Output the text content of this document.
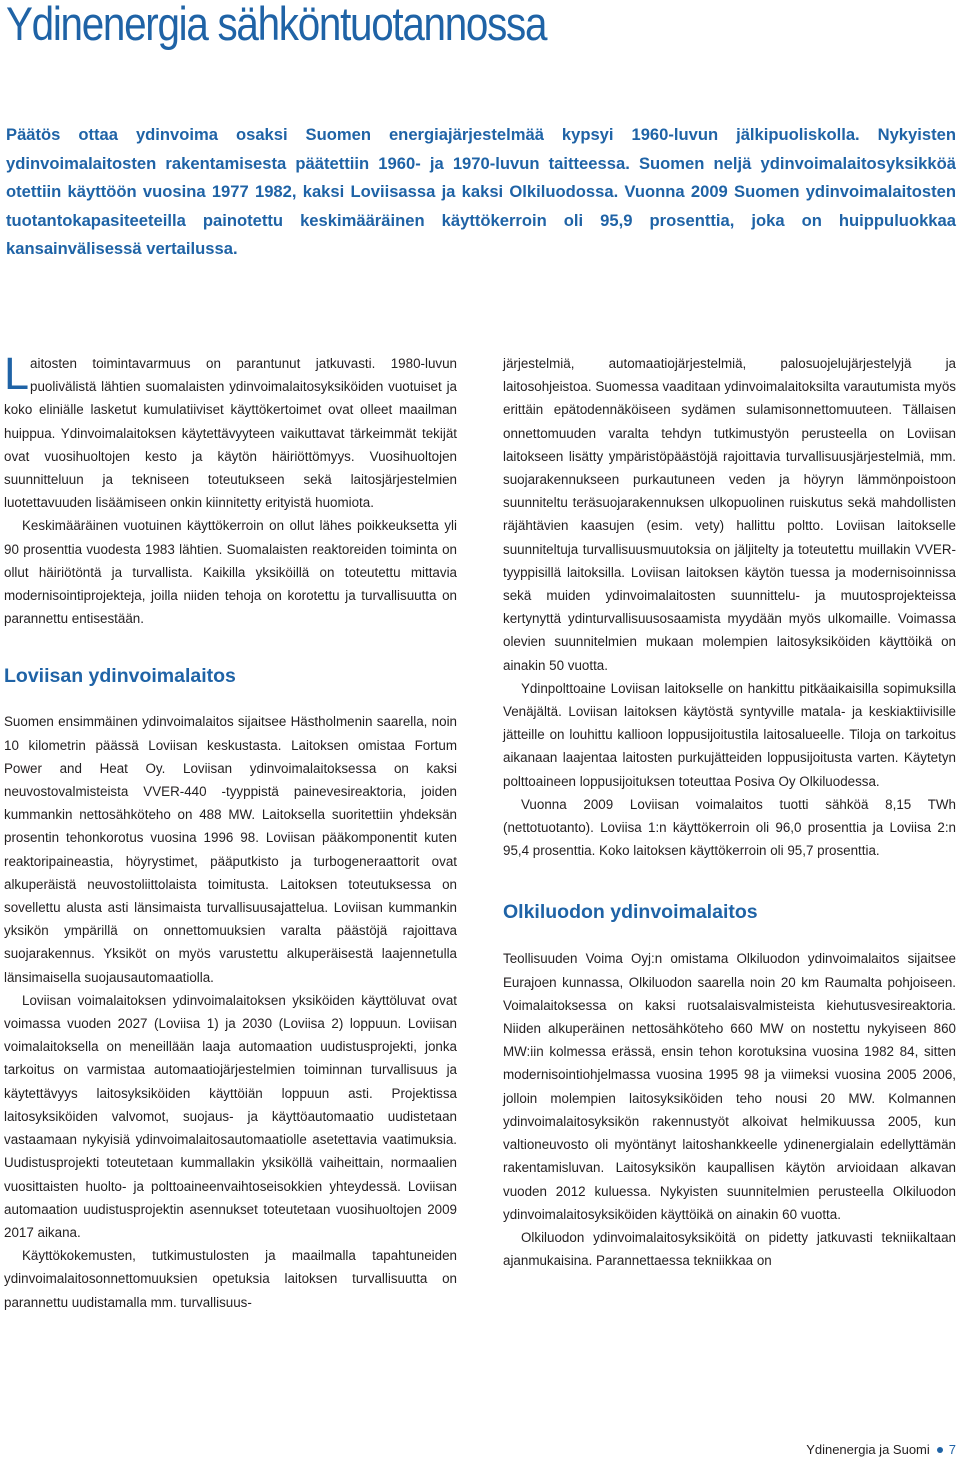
Ydinenergia sähköntuotannossa

Päätös ottaa ydinvoima osaksi Suomen energiajärjestelmää kypsyi 1960-luvun jälkipuoliskolla. Nykyisten ydinvoimalaitosten rakentamisesta päätettiin 1960- ja 1970-luvun taitteessa. Suomen neljä ydinvoimalaitosyksikköä otettiin käyttöön vuosina 1977 1982, kaksi Loviisassa ja kaksi Olkiluodossa. Vuonna 2009 Suomen ydinvoimalaitosten tuotantokapasiteeteilla painotettu keskimääräinen käyttökerroin oli 95,9 prosenttia, joka on huippuluokkaa kansainvälisessä vertailussa.

Laitosten toimintavarmuus on parantunut jatkuvasti. 1980-luvun puolivälistä lähtien suomalaisten ydinvoimalaitosyksiköiden vuotuiset ja koko eliniälle lasketut kumulatiiviset käyttökertoimet ovat olleet maailman huippua. Ydinvoimalaitoksen käytettävyyteen vaikuttavat tärkeimmät tekijät ovat vuosihuoltojen kesto ja käytön häiriöttömyys. Vuosihuoltojen suunnitteluun ja tekniseen toteutukseen sekä laitosjärjestelmien luotettavuuden lisäämiseen onkin kiinnitetty erityistä huomiota.

Keskimääräinen vuotuinen käyttökerroin on ollut lähes poikkeuksetta yli 90 prosenttia vuodesta 1983 lähtien. Suomalaisten reaktoreiden toiminta on ollut häiriötöntä ja turvallista. Kaikilla yksiköillä on toteutettu mittavia modernisointiprojekteja, joilla niiden tehoja on korotettu ja turvallisuutta on parannettu entisestään.

Loviisan ydinvoimalaitos

Suomen ensimmäinen ydinvoimalaitos sijaitsee Hästholmenin saarella, noin 10 kilometrin päässä Loviisan keskustasta. Laitoksen omistaa Fortum Power and Heat Oy. Loviisan ydinvoimalaitoksessa on kaksi neuvostovalmisteista VVER-440 -tyyppistä painevesireaktoria, joiden kummankin nettosähköteho on 488 MW. Laitoksella suoritettiin yhdeksän prosentin tehonkorotus vuosina 1996 98. Loviisan pääkomponentit kuten reaktoripaineastia, höyrystimet, pääputkisto ja turbogeneraattorit ovat alkuperäistä neuvostoliittolaista toimitusta. Laitoksen toteutuksessa on sovellettu alusta asti länsimaista turvallisuusajattelua. Loviisan kummankin yksikön ympärillä on onnettomuuksien varalta päästöjä rajoittava suojarakennus. Yksiköt on myös varustettu alkuperäisestä laajennetulla länsimaisella suojausautomaatiolla.

Loviisan voimalaitoksen ydinvoimalaitoksen yksiköiden käyttöluvat ovat voimassa vuoden 2027 (Loviisa 1) ja 2030 (Loviisa 2) loppuun. Loviisan voimalaitoksella on meneillään laaja automaation uudistusprojekti, jonka tarkoitus on varmistaa automaatiojärjestelmien toiminnan turvallisuus ja käytettävyys laitosyksiköiden käyttöiän loppuun asti. Projektissa laitosyksiköiden valvomot, suojaus- ja käyttöautomaatio uudistetaan vastaamaan nykyisiä ydinvoimalaitosautomaatiolle asetettavia vaatimuksia. Uudistusprojekti toteutetaan kummallakin yksiköllä vaiheittain, normaalien vuosittaisten huolto- ja polttoaineenvaihtoseisokkien yhteydessä. Loviisan automaation uudistusprojektin asennukset toteutetaan vuosihuoltojen 2009 2017 aikana.

Käyttökokemusten, tutkimustulosten ja maailmalla tapahtuneiden ydinvoimalaitosonnettomuuksien opetuksia laitoksen turvallisuutta on parannettu uudistamalla mm. turvallisuus-

järjestelmiä, automaatiojärjestelmiä, palosuojelujärjestelyjä ja laitosohjeistoa. Suomessa vaaditaan ydinvoimalaitoksilta varautumista myös erittäin epätodennäköiseen sydämen sulamisonnettomuuteen. Tällaisen onnettomuuden varalta tehdyn tutkimustyön perusteella on Loviisan laitokseen lisätty ympäristöpäästöjä rajoittavia turvallisuusjärjestelmiä, mm. suojarakennukseen purkautuneen veden ja höyryn lämmönpoistoon suunniteltu teräsuojarakennuksen ulkopuolinen ruiskutus sekä mahdollisten räjähtävien kaasujen (esim. vety) hallittu poltto. Loviisan laitokselle suunniteltuja turvallisuusmuutoksia on jäljitelty ja toteutettu muillakin VVER-tyyppisillä laitoksilla. Loviisan laitoksen käytön tuessa ja modernisoinnissa sekä muiden ydinvoimalaitosten suunnittelu- ja muutosprojekteissa kertynyttä ydinturvallisuusosaamista myydään myös ulkomaille. Voimassa olevien suunnitelmien mukaan molempien laitosyksiköiden käyttöikä on ainakin 50 vuotta.

Ydinpolttoaine Loviisan laitokselle on hankittu pitkäaikaisilla sopimuksilla Venäjältä. Loviisan laitoksen käytöstä syntyville matala- ja keskiaktiivisille jätteille on louhittu kallioon loppusijoitustila laitosalueelle. Tiloja on tarkoitus aikanaan laajentaa laitosten purkujätteiden loppusijoitusta varten. Käytetyn polttoaineen loppusijoituksen toteuttaa Posiva Oy Olkiluodessa.

Vuonna 2009 Loviisan voimalaitos tuotti sähköä 8,15 TWh (nettotuotanto). Loviisa 1:n käyttökerroin oli 96,0 prosenttia ja Loviisa 2:n 95,4 prosenttia. Koko laitoksen käyttökerroin oli 95,7 prosenttia.

Olkiluodon ydinvoimalaitos

Teollisuuden Voima Oyj:n omistama Olkiluodon ydinvoimalaitos sijaitsee Eurajoen kunnassa, Olkiluodon saarella noin 20 km Raumalta pohjoiseen. Voimalaitoksessa on kaksi ruotsalaisvalmisteista kiehutusvesireaktoria. Niiden alkuperäinen nettosähköteho 660 MW on nostettu nykyiseen 860 MW:iin kolmessa erässä, ensin tehon korotuksina vuosina 1982 84, sitten modernisointiohjelmassa vuosina 1995 98 ja viimeksi vuosina 2005 2006, jolloin molempien laitosyksiköiden teho nousi 20 MW. Kolmannen ydinvoimalaitosyksikön rakennustyöt alkoivat helmikuussa 2005, kun valtioneuvosto oli myöntänyt laitoshankkeelle ydinenergialain edellyttämän rakentamisluvan. Laitosyksikön kaupallisen käytön arvioidaan alkavan vuoden 2012 kuluessa. Nykyisten suunnitelmien perusteella Olkiluodon ydinvoimalaitosyksiköiden käyttöikä on ainakin 60 vuotta.

Olkiluodon ydinvoimalaitosyksiköitä on pidetty jatkuvasti tekniikaltaan ajanmukaisina. Parannettaessa tekniikkaa on

Ydinenergia ja Suomi 7
